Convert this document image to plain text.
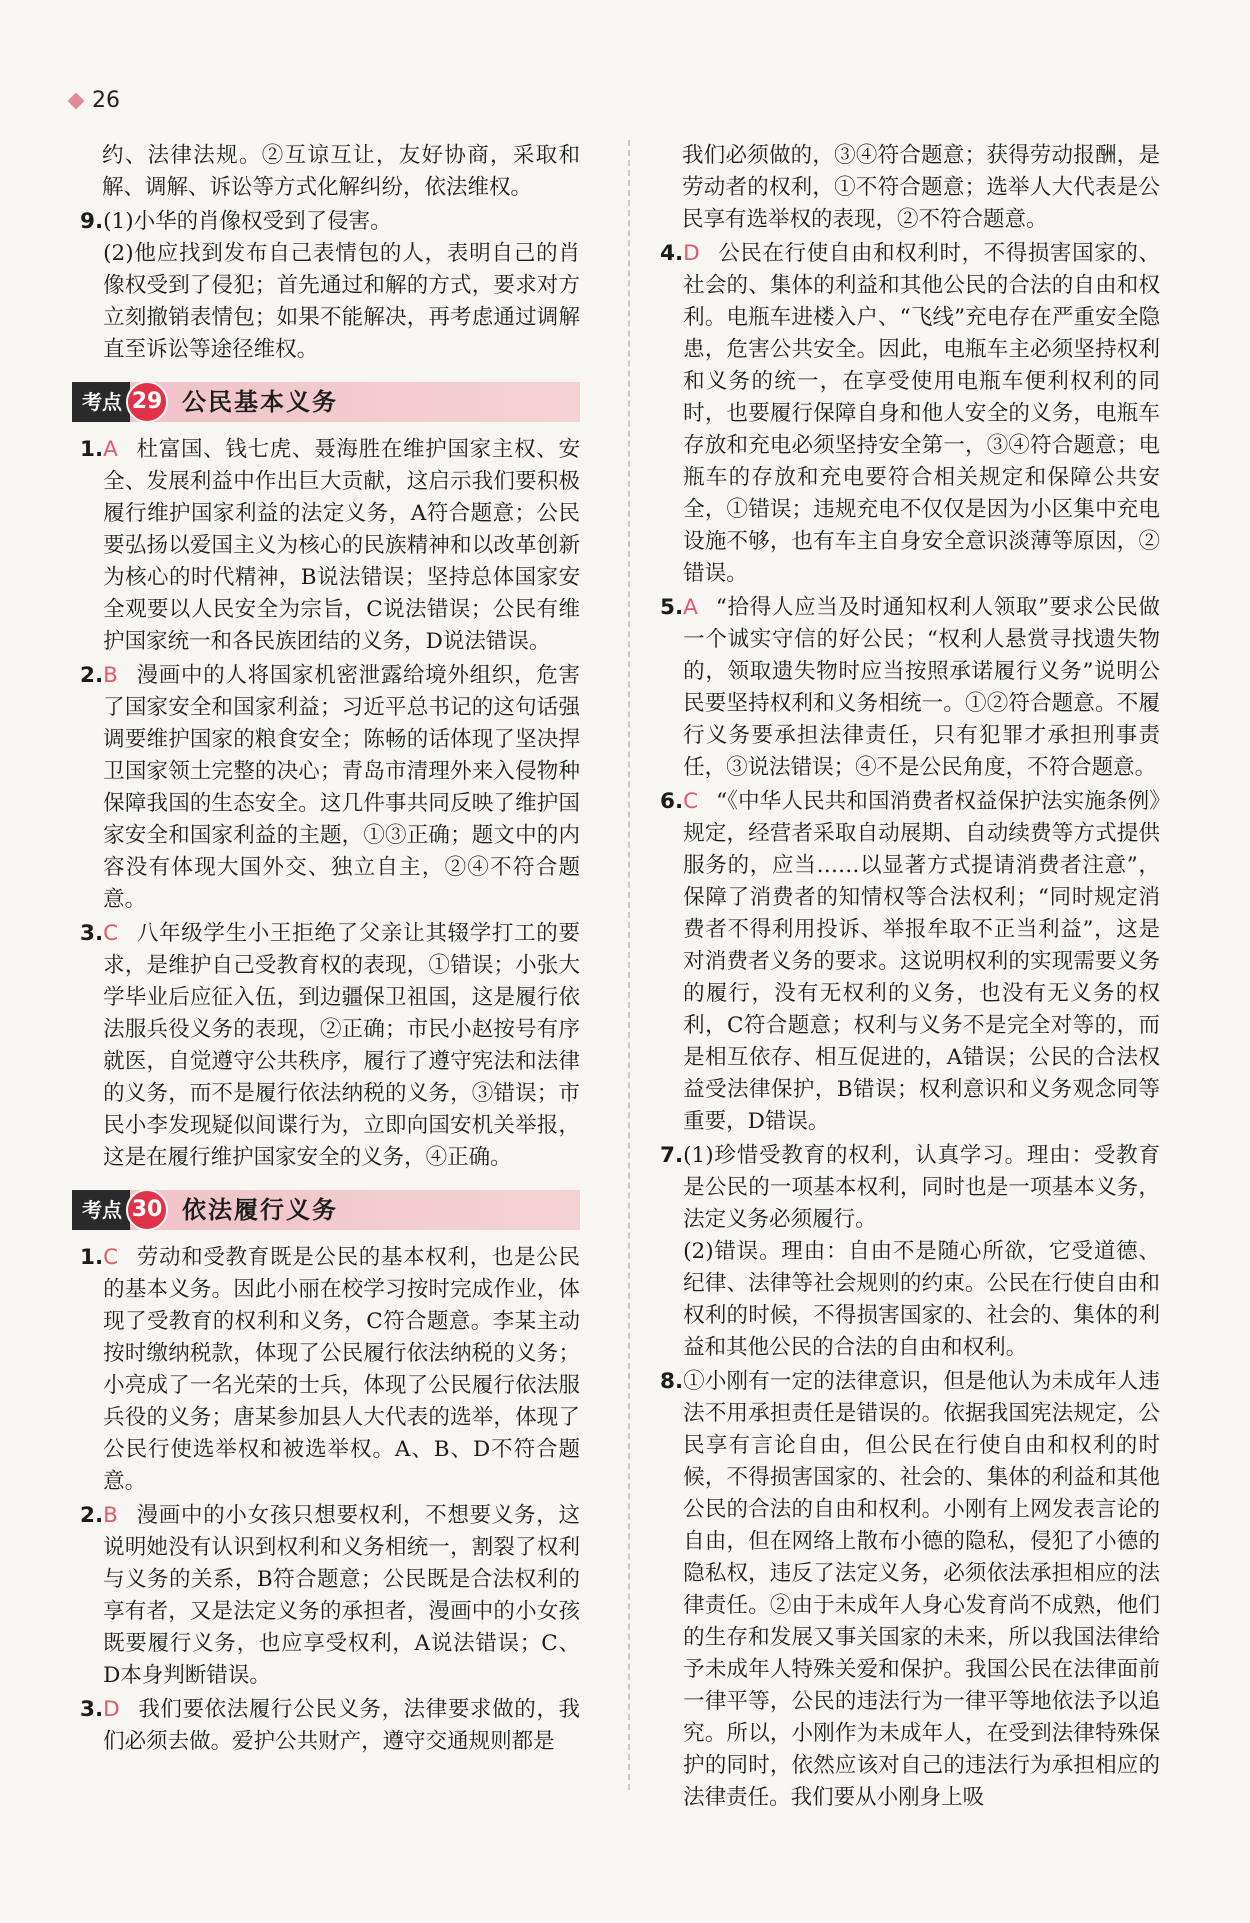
26

约、法律法规。②互谅互让，友好协商，采取和解、调解、诉讼等方式化解纠纷，依法维权。

9. (1)小华的肖像权受到了侵害。

(2)他应找到发布自己表情包的人，表明自己的肖像权受到了侵犯；首先通过和解的方式，要求对方立刻撤销表情包；如果不能解决，再考虑通过调解直至诉讼等途径维权。

考点 29 公民基本义务
1. A 杜富国、钱七虎、聂海胜在维护国家主权、安全、发展利益中作出巨大贡献，这启示我们要积极履行维护国家利益的法定义务，A符合题意；公民要弘扬以爱国主义为核心的民族精神和以改革创新为核心的时代精神，B说法错误；坚持总体国家安全观要以人民安全为宗旨，C说法错误；公民有维护国家统一和各民族团结的义务，D说法错误。
2. B 漫画中的人将国家机密泄露给境外组织，危害了国家安全和国家利益；习近平总书记的这句话强调要维护国家的粮食安全；陈畅的话体现了坚决捍卫国家领土完整的决心；青岛市清理外来入侵物种保障我国的生态安全。这几件事共同反映了维护国家安全和国家利益的主题，①③正确；题文中的内容没有体现大国外交、独立自主，②④不符合题意。
3. C 八年级学生小王拒绝了父亲让其辍学打工的要求，是维护自己受教育权的表现，①错误；小张大学毕业后应征入伍，到边疆保卫祖国，这是履行依法服兵役义务的表现，②正确；市民小赵按号有序就医，自觉遵守公共秩序，履行了遵守宪法和法律的义务，而不是履行依法纳税的义务，③错误；市民小李发现疑似间谍行为，立即向国安机关举报，这是在履行维护国家安全的义务，④正确。
考点 30 依法履行义务
1. C 劳动和受教育既是公民的基本权利，也是公民的基本义务。因此小丽在校学习按时完成作业，体现了受教育的权利和义务，C符合题意。李某主动按时缴纳税款，体现了公民履行依法纳税的义务；小亮成了一名光荣的士兵，体现了公民履行依法服兵役的义务；唐某参加县人大代表的选举，体现了公民行使选举权和被选举权。A、B、D不符合题意。
2. B 漫画中的小女孩只想要权利，不想要义务，这说明她没有认识到权利和义务相统一，割裂了权利与义务的关系，B符合题意；公民既是合法权利的享有者，又是法定义务的承担者，漫画中的小女孩既要履行义务，也应享受权利，A说法错误；C、D本身判断错误。
3. D 我们要依法履行公民义务，法律要求做的，我们必须去做。爱护公共财产，遵守交通规则都是

我们必须做的，③④符合题意；获得劳动报酬，是劳动者的权利，①不符合题意；选举人大代表是公民享有选举权的表现，②不符合题意。

4. D 公民在行使自由和权利时，不得损害国家的、社会的、集体的利益和其他公民的合法的自由和权利。电瓶车进楼入户、“飞线”充电存在严重安全隐患，危害公共安全。因此，电瓶车主必须坚持权利和义务的统一，在享受使用电瓶车便利权利的同时，也要履行保障自身和他人安全的义务，电瓶车存放和充电必须坚持安全第一，③④符合题意；电瓶车的存放和充电要符合相关规定和保障公共安全，①错误；违规充电不仅仅是因为小区集中充电设施不够，也有车主自身安全意识淡薄等原因，②错误。
5. A “拾得人应当及时通知权利人领取”要求公民做一个诚实守信的好公民；“权利人悬赏寻找遗失物的，领取遗失物时应当按照承诺履行义务”说明公民要坚持权利和义务相统一。①②符合题意。不履行义务要承担法律责任，只有犯罪才承担刑事责任，③说法错误；④不是公民角度，不符合题意。
6. C “《中华人民共和国消费者权益保护法实施条例》规定，经营者采取自动展期、自动续费等方式提供服务的，应当……以显著方式提请消费者注意”，保障了消费者的知情权等合法权利；“同时规定消费者不得利用投诉、举报牟取不正当利益”，这是对消费者义务的要求。这说明权利的实现需要义务的履行，没有无权利的义务，也没有无义务的权利，C符合题意；权利与义务不是完全对等的，而是相互依存、相互促进的，A错误；公民的合法权益受法律保护，B错误；权利意识和义务观念同等重要，D错误。
7. (1)珍惜受教育的权利，认真学习。理由：受教育是公民的一项基本权利，同时也是一项基本义务，法定义务必须履行。

(2)错误。理由：自由不是随心所欲，它受道德、纪律、法律等社会规则的约束。公民在行使自由和权利的时候，不得损害国家的、社会的、集体的利益和其他公民的合法的自由和权利。

8. ①小刚有一定的法律意识，但是他认为未成年人违法不用承担责任是错误的。依据我国宪法规定，公民享有言论自由，但公民在行使自由和权利的时候，不得损害国家的、社会的、集体的利益和其他公民的合法的自由和权利。小刚有上网发表言论的自由，但在网络上散布小德的隐私，侵犯了小德的隐私权，违反了法定义务，必须依法承担相应的法律责任。②由于未成年人身心发育尚不成熟，他们的生存和发展又事关国家的未来，所以我国法律给予未成年人特殊关爱和保护。我国公民在法律面前一律平等，公民的违法行为一律平等地依法予以追究。所以，小刚作为未成年人，在受到法律特殊保护的同时，依然应该对自己的违法行为承担相应的法律责任。我们要从小刚身上吸
